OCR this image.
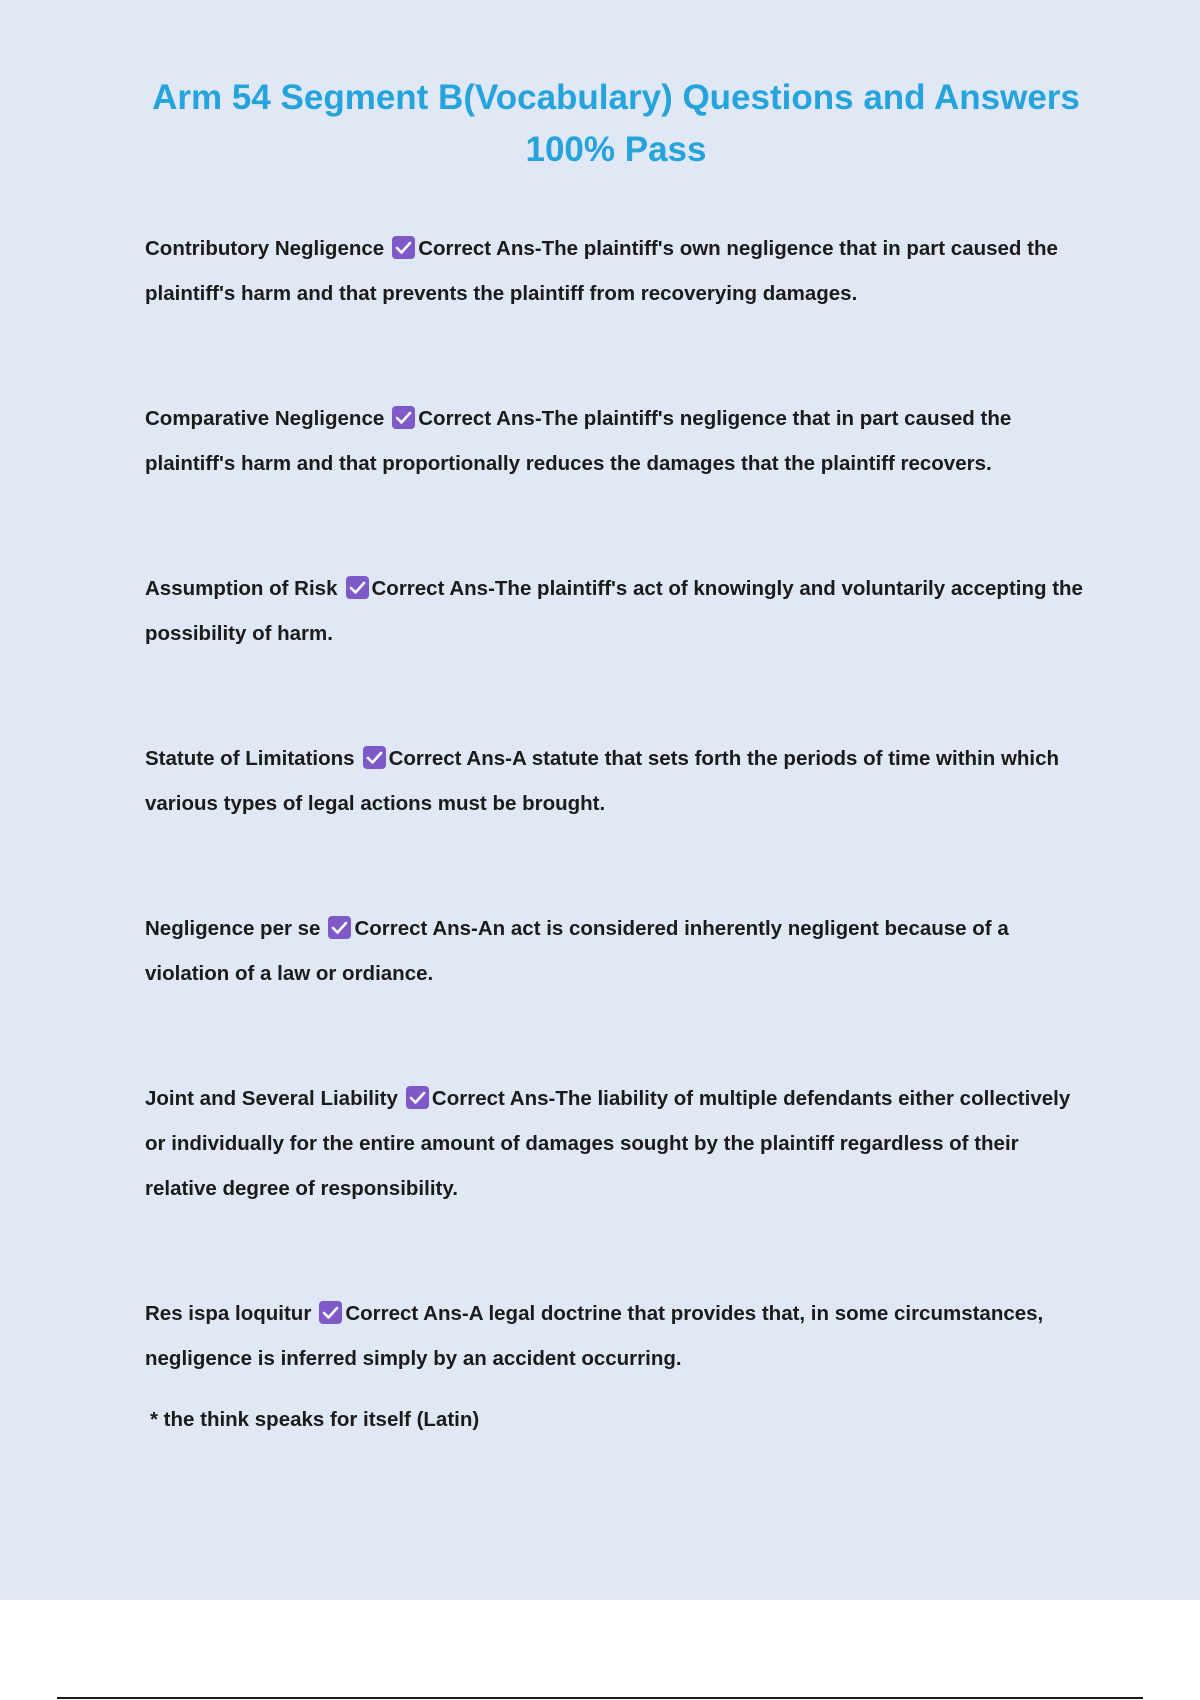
Arm 54 Segment B(Vocabulary) Questions and Answers 100% Pass
Contributory Negligence Correct Ans-The plaintiff's own negligence that in part caused the plaintiff's harm and that prevents the plaintiff from recoverying damages.
Comparative Negligence Correct Ans-The plaintiff's negligence that in part caused the plaintiff's harm and that proportionally reduces the damages that the plaintiff recovers.
Assumption of Risk Correct Ans-The plaintiff's act of knowingly and voluntarily accepting the possibility of harm.
Statute of Limitations Correct Ans-A statute that sets forth the periods of time within which various types of legal actions must be brought.
Negligence per se Correct Ans-An act is considered inherently negligent because of a violation of a law or ordiance.
Joint and Several Liability Correct Ans-The liability of multiple defendants either collectively or individually for the entire amount of damages sought by the plaintiff regardless of their relative degree of responsibility.
Res ispa loquitur Correct Ans-A legal doctrine that provides that, in some circumstances, negligence is inferred simply by an accident occurring.
* the think speaks for itself (Latin)
